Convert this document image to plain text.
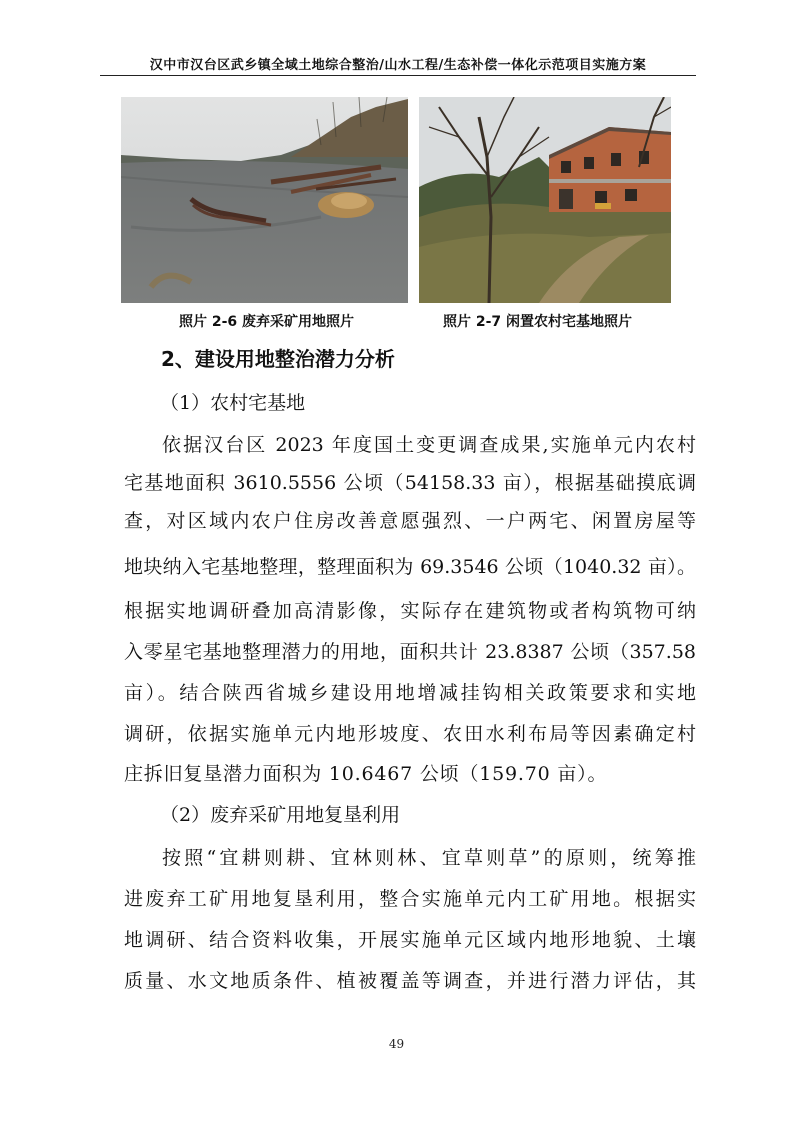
汉中市汉台区武乡镇全域土地综合整治/山水工程/生态补偿一体化示范项目实施方案
照片 2-6 废弃采矿用地照片	照片 2-7 闲置农村宅基地照片
2、建设用地整治潜力分析
（1）农村宅基地
依据汉台区 2023 年度国土变更调查成果,实施单元内农村
宅基地面积 3610.5556 公顷（54158.33 亩），根据基础摸底调
查，对区域内农户住房改善意愿强烈、一户两宅、闲置房屋等
地块纳入宅基地整理，整理面积为 69.3546 公顷（1040.32 亩）。
根据实地调研叠加高清影像，实际存在建筑物或者构筑物可纳
入零星宅基地整理潜力的用地，面积共计 23.8387 公顷（357.58
亩）。结合陕西省城乡建设用地增减挂钩相关政策要求和实地
调研，依据实施单元内地形坡度、农田水利布局等因素确定村
庄拆旧复垦潜力面积为 10.6467 公顷（159.70 亩）。
（2）废弃采矿用地复垦利用
按照“宜耕则耕、宜林则林、宜草则草”的原则，统筹推
进废弃工矿用地复垦利用，整合实施单元内工矿用地。根据实
地调研、结合资料收集，开展实施单元区域内地形地貌、土壤
质量、水文地质条件、植被覆盖等调查，并进行潜力评估，其
49
